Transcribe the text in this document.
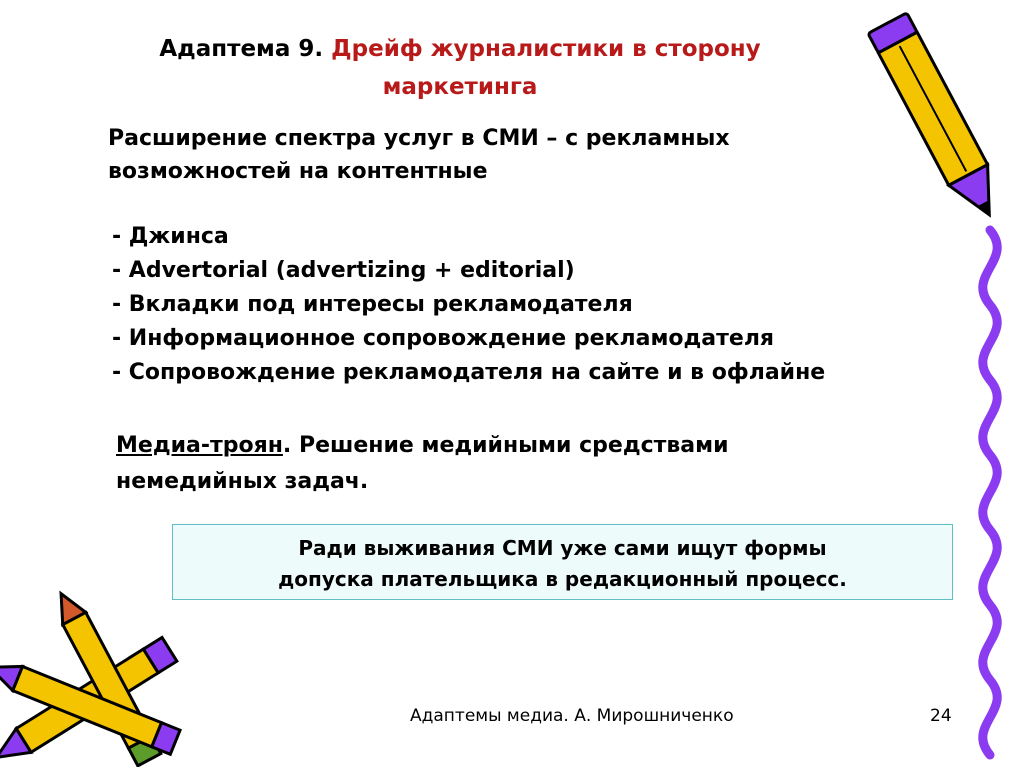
Адаптема 9. Дрейф журналистики в сторону маркетинга
Расширение спектра услуг в СМИ – с рекламных возможностей на контентные
- Джинса
- Advertorial (advertizing + editorial)
- Вкладки под интересы рекламодателя
- Информационное сопровождение рекламодателя
- Сопровождение рекламодателя на сайте и в офлайне
Медиа-троян. Решение медийными средствами немедийных задач.
Ради выживания СМИ уже сами ищут формы
допуска плательщика в редакционный процесс.
Адаптемы медиа. А. Мирошниченко	24
